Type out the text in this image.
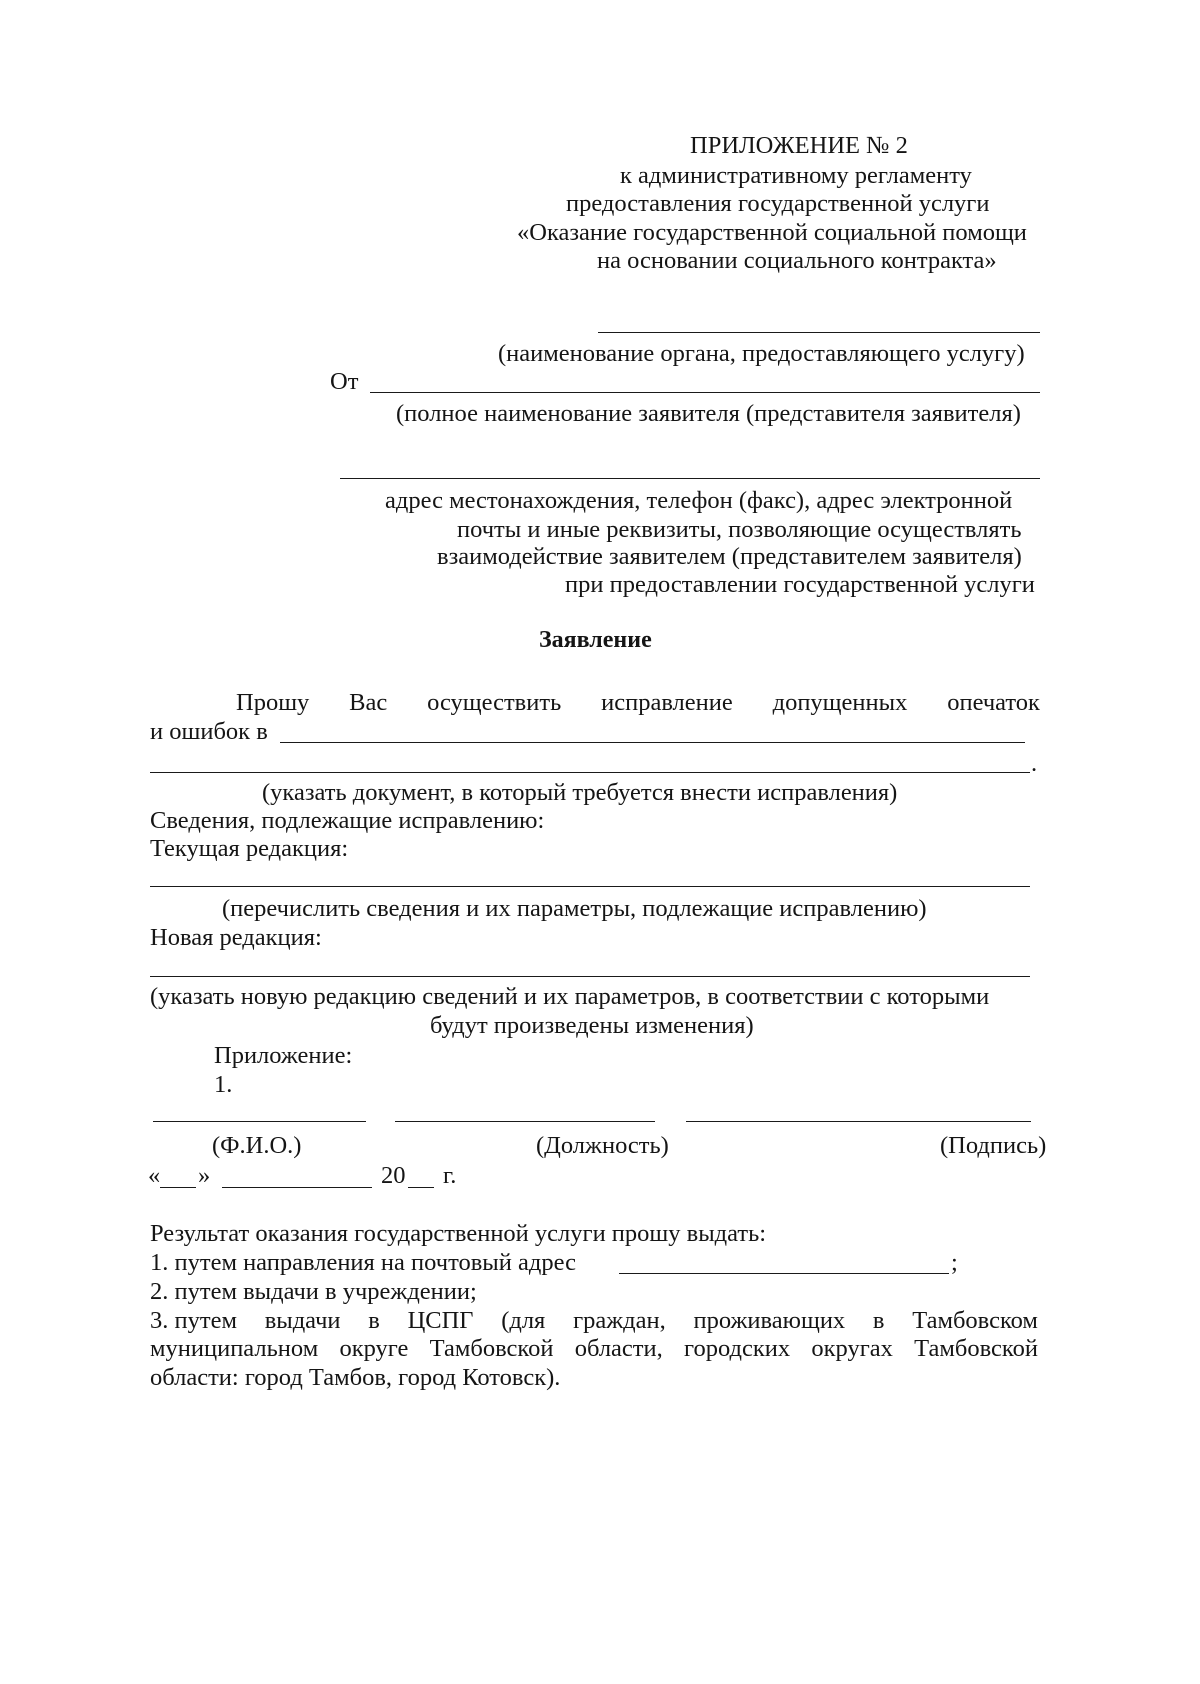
ПРИЛОЖЕНИЕ № 2
к административному регламенту
предоставления государственной услуги
«Оказание государственной социальной помощи
на основании социального контракта»
(наименование органа, предоставляющего услугу)
От
(полное наименование заявителя (представителя заявителя)
адрес местонахождения, телефон (факс), адрес электронной
почты и иные реквизиты, позволяющие осуществлять
взаимодействие заявителем (представителем заявителя)
при предоставлении государственной услуги
Заявление
Прошу Вас осуществить исправление допущенных опечаток
и ошибок в
.
(указать документ, в который требуется внести исправления)
Сведения, подлежащие исправлению:
Текущая редакция:
(перечислить сведения и их параметры, подлежащие исправлению)
Новая редакция:
(указать новую редакцию сведений и их параметров, в соответствии с которыми
будут произведены изменения)
Приложение:
1.
(Ф.И.О.)	(Должность)	(Подпись)
« »	20 г.
Результат оказания государственной услуги прошу выдать:
1. путем направления на почтовый адрес	;
2. путем выдачи в учреждении;
3. путем выдачи в ЦСПГ (для граждан, проживающих в Тамбовском
муниципальном округе Тамбовской области, городских округах Тамбовской
области: город Тамбов, город Котовск).
